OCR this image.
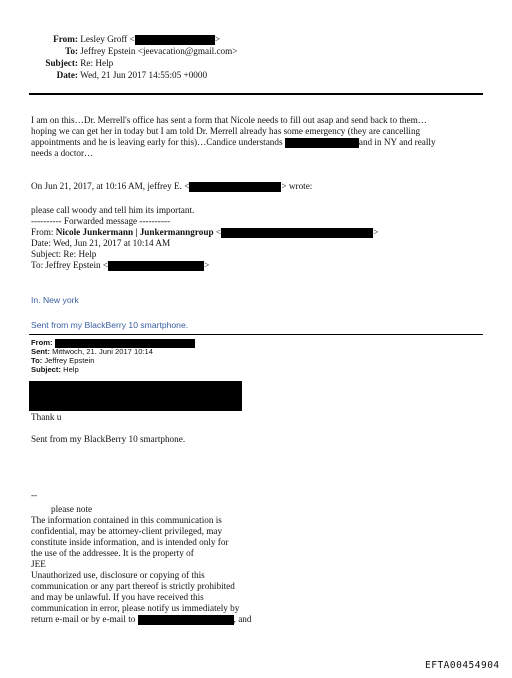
From: Lesley Groff <	>
To: Jeffrey Epstein <jeevacation@gmail.com>
Subject: Re: Help
Date: Wed, 21 Jun 2017 14:55:05 +0000
I am on this…Dr. Merrell's office has sent a form that Nicole needs to fill out asap and send back to them…
hoping we can get her in today but I am told Dr. Merrell already has some emergency (they are cancelling
appointments and he is leaving early for this)…Candice understands	and in NY and really
needs a doctor…
On Jun 21, 2017, at 10:16 AM, jeffrey E. <	> wrote:
please call woody and tell him its important.
---------- Forwarded message ----------
From: Nicole Junkermann | Junkermanngroup <	>
Date: Wed, Jun 21, 2017 at 10:14 AM
Subject: Re: Help
To: Jeffrey Epstein <	>
In. New york
Sent from my BlackBerry 10 smartphone.
From:
Sent: Mittwoch, 21. Juni 2017 10:14
To: Jeffrey Epstein
Subject: Help
Thank u
Sent from my BlackBerry 10 smartphone.
--
please note
The information contained in this communication is
confidential, may be attorney-client privileged, may
constitute inside information, and is intended only for
the use of the addressee. It is the property of
JEE
Unauthorized use, disclosure or copying of this
communication or any part thereof is strictly prohibited
and may be unlawful. If you have received this
communication in error, please notify us immediately by
return e-mail or by e-mail to	, and
EFTA00454904
